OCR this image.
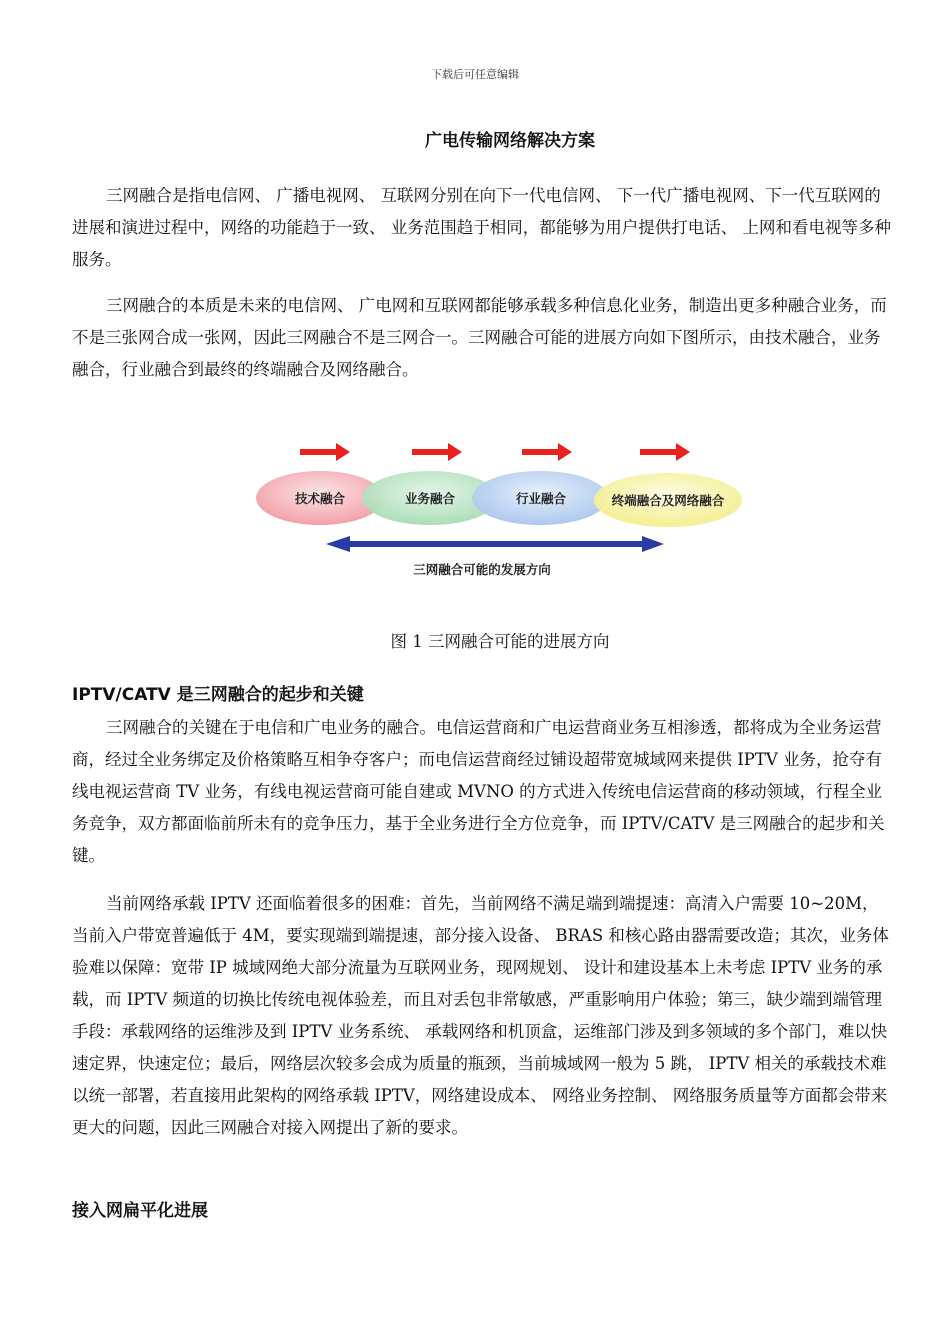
下载后可任意编辑
广电传输网络解决方案

三网融合是指电信网、 广播电视网、 互联网分别在向下一代电信网、 下一代广播电视网、下一代互联网的进展和演进过程中，网络的功能趋于一致、 业务范围趋于相同，都能够为用户提供打电话、 上网和看电视等多种服务。

三网融合的本质是未来的电信网、 广电网和互联网都能够承载多种信息化业务，制造出更多种融合业务，而不是三张网合成一张网，因此三网融合不是三网合一。三网融合可能的进展方向如下图所示，由技术融合，业务融合，行业融合到最终的终端融合及网络融合。

技术融合	业务融合	行业融合	终端融合及网络融合
三网融合可能的发展方向
图 1 三网融合可能的进展方向
IPTV/CATV 是三网融合的起步和关键

三网融合的关键在于电信和广电业务的融合。电信运营商和广电运营商业务互相渗透，都将成为全业务运营商，经过全业务绑定及价格策略互相争夺客户；而电信运营商经过铺设超带宽城域网来提供 IPTV 业务，抢夺有线电视运营商 TV 业务，有线电视运营商可能自建或 MVNO 的方式进入传统电信运营商的移动领域，行程全业务竞争，双方都面临前所未有的竞争压力，基于全业务进行全方位竞争，而 IPTV/CATV 是三网融合的起步和关键。

当前网络承载 IPTV 还面临着很多的困难：首先，当前网络不满足端到端提速：高清入户需要 10~20M，当前入户带宽普遍低于 4M，要实现端到端提速，部分接入设备、 BRAS 和核心路由器需要改造；其次，业务体验难以保障：宽带 IP 城域网绝大部分流量为互联网业务，现网规划、 设计和建设基本上未考虑 IPTV 业务的承载，而 IPTV 频道的切换比传统电视体验差，而且对丢包非常敏感，严重影响用户体验；第三，缺少端到端管理手段：承载网络的运维涉及到 IPTV 业务系统、 承载网络和机顶盒，运维部门涉及到多领域的多个部门，难以快速定界，快速定位；最后，网络层次较多会成为质量的瓶颈，当前城域网一般为 5 跳， IPTV 相关的承载技术难以统一部署，若直接用此架构的网络承载 IPTV，网络建设成本、 网络业务控制、 网络服务质量等方面都会带来更大的问题，因此三网融合对接入网提出了新的要求。

接入网扁平化进展
